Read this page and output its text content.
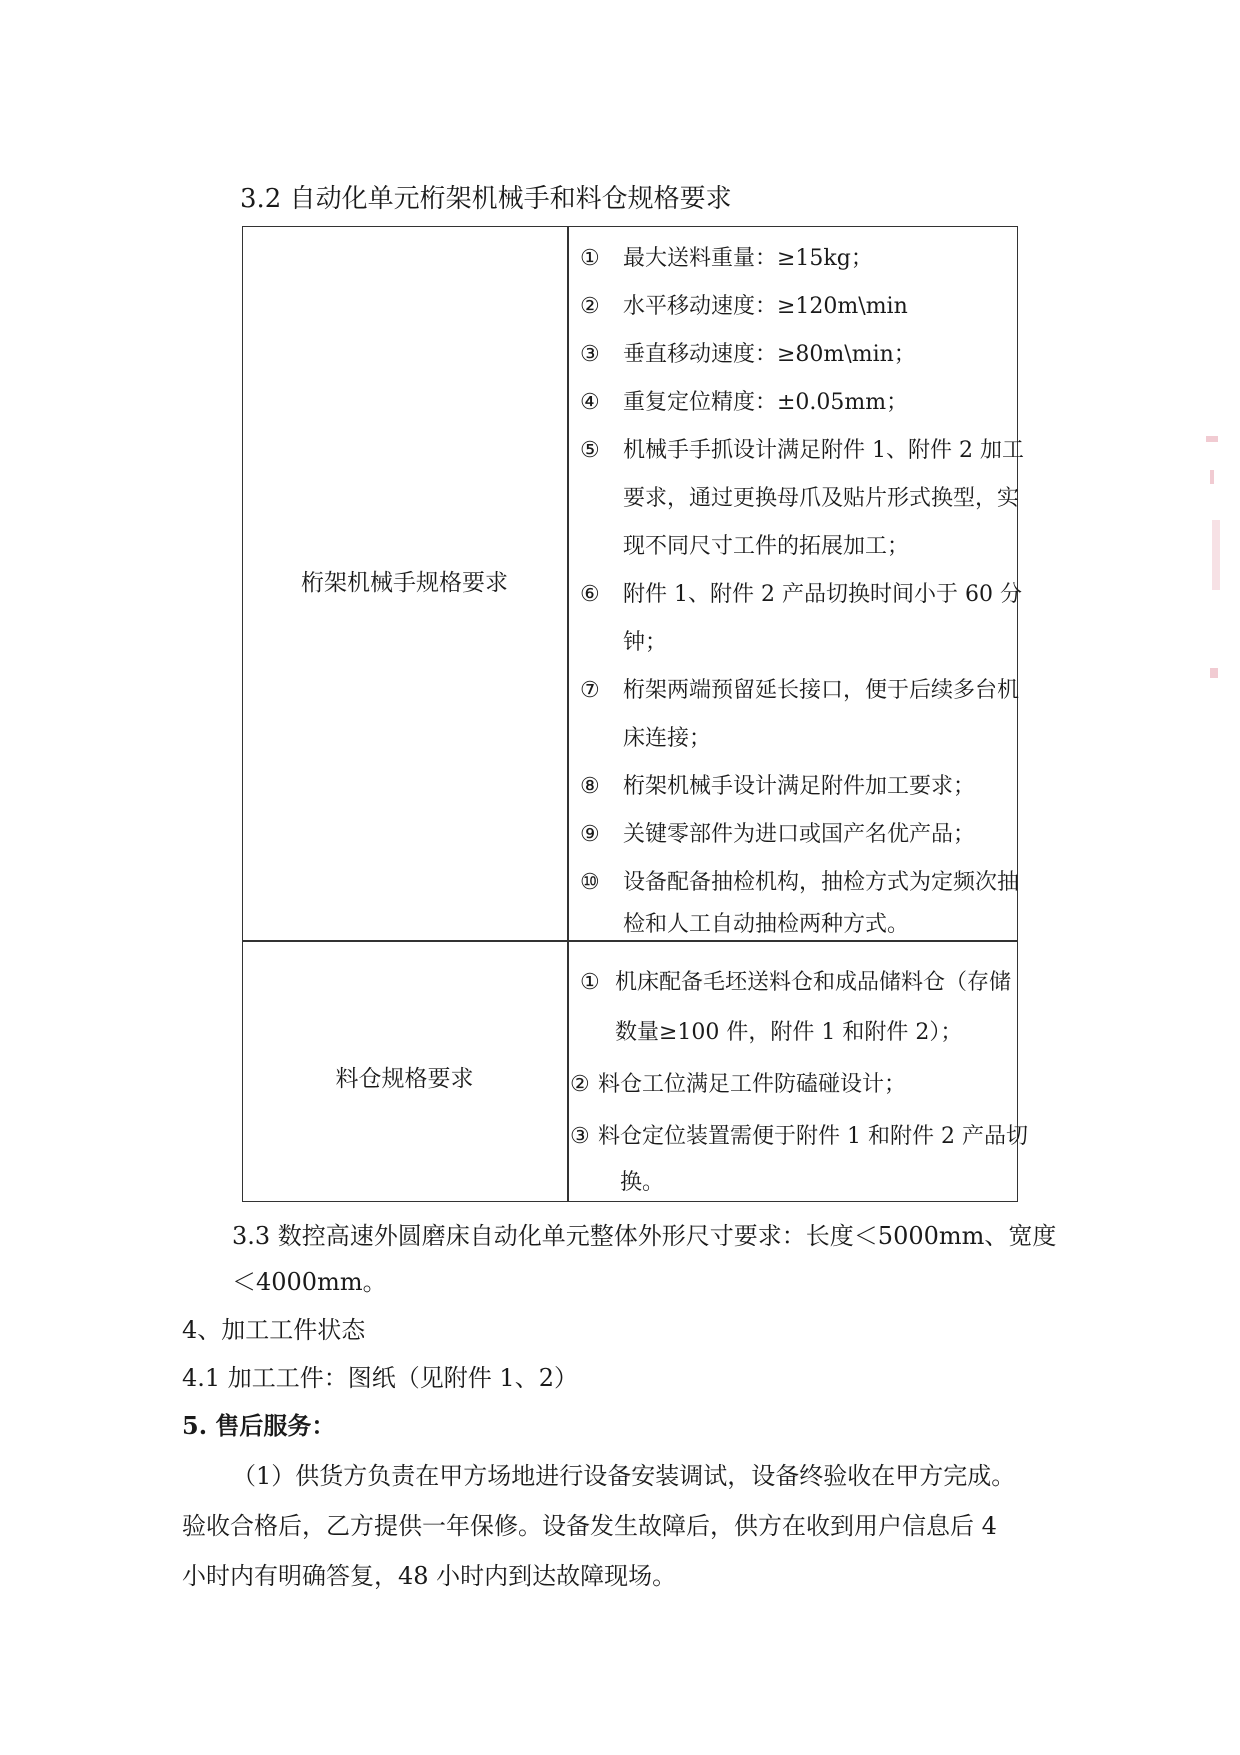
3.2 自动化单元桁架机械手和料仓规格要求
桁架机械手规格要求
① 最大送料重量：≥15kg；
② 水平移动速度：≥120m\min
③ 垂直移动速度：≥80m\min；
④ 重复定位精度：±0.05mm；
⑤ 机械手手抓设计满足附件 1、附件 2 加工
要求，通过更换母爪及贴片形式换型，实
现不同尺寸工件的拓展加工；
⑥ 附件 1、附件 2 产品切换时间小于 60 分
钟；
⑦ 桁架两端预留延长接口，便于后续多台机
床连接；
⑧ 桁架机械手设计满足附件加工要求；
⑨ 关键零部件为进口或国产名优产品；
⑩ 设备配备抽检机构，抽检方式为定频次抽
检和人工自动抽检两种方式。
料仓规格要求
① 机床配备毛坯送料仓和成品储料仓（存储
数量≥100 件，附件 1 和附件 2）；
② 料仓工位满足工件防磕碰设计；
③ 料仓定位装置需便于附件 1 和附件 2 产品切
换。
3.3 数控高速外圆磨床自动化单元整体外形尺寸要求：长度＜5000mm、宽度
＜4000mm。
4、加工工件状态
4.1 加工工件：图纸（见附件 1、2）
5. 售后服务：
（1）供货方负责在甲方场地进行设备安装调试，设备终验收在甲方完成。
验收合格后，乙方提供一年保修。设备发生故障后，供方在收到用户信息后 4
小时内有明确答复，48 小时内到达故障现场。
